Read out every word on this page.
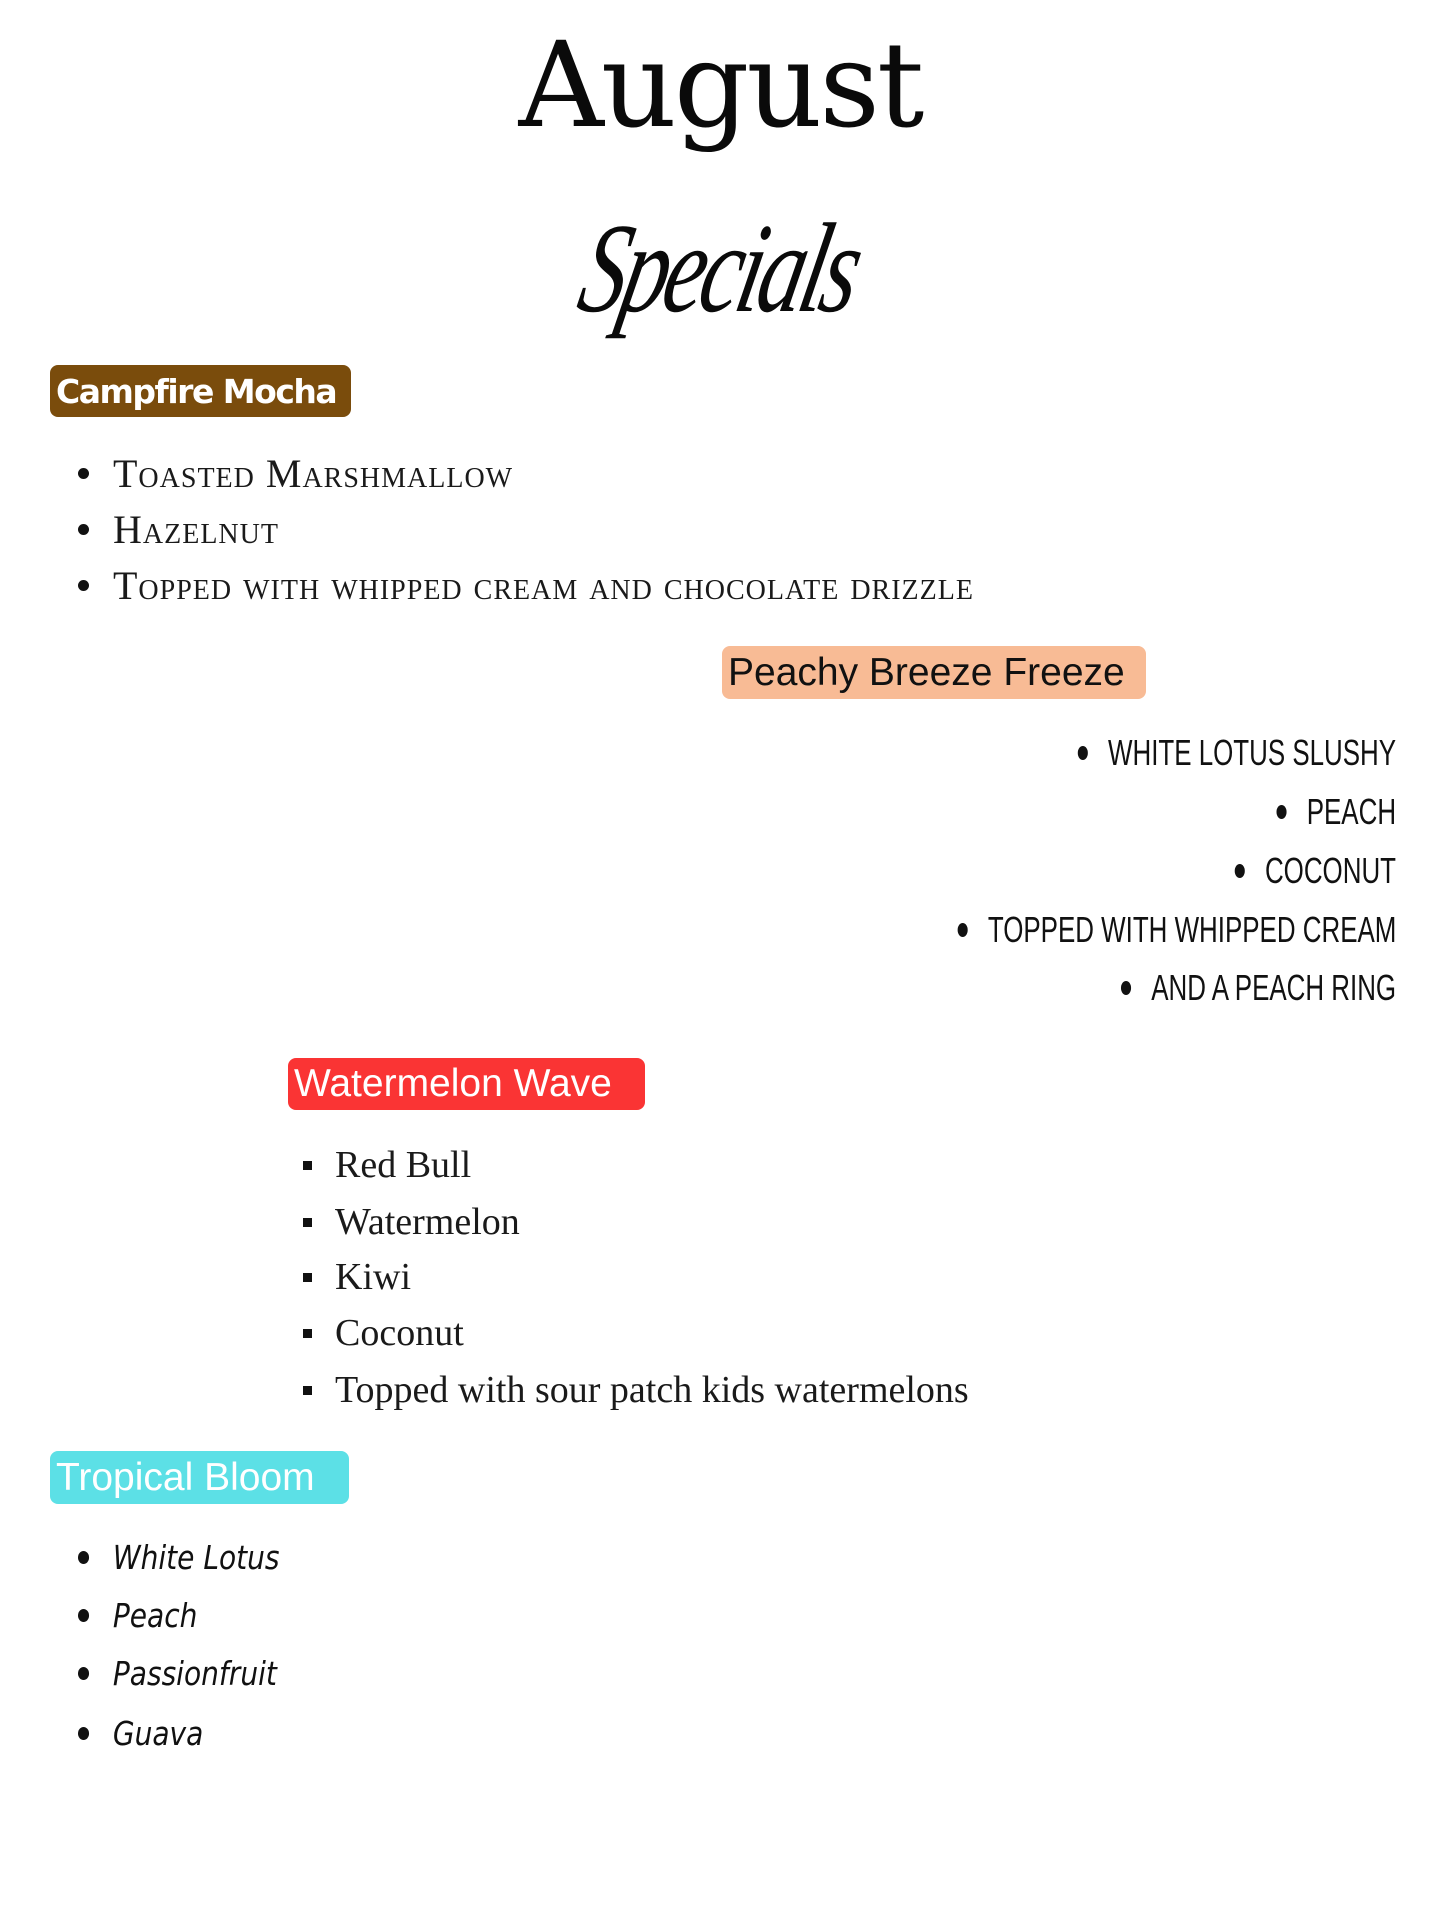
August
Specials
Campfire Mocha
Toasted Marshmallow
Hazelnut
Topped with whipped cream and chocolate drizzle
Peachy Breeze Freeze
WHITE LOTUS SLUSHY
PEACH
COCONUT
TOPPED WITH WHIPPED CREAM
AND A PEACH RING
Watermelon Wave
Red Bull
Watermelon
Kiwi
Coconut
Topped with sour patch kids watermelons
Tropical Bloom
White Lotus
Peach
Passionfruit
Guava
